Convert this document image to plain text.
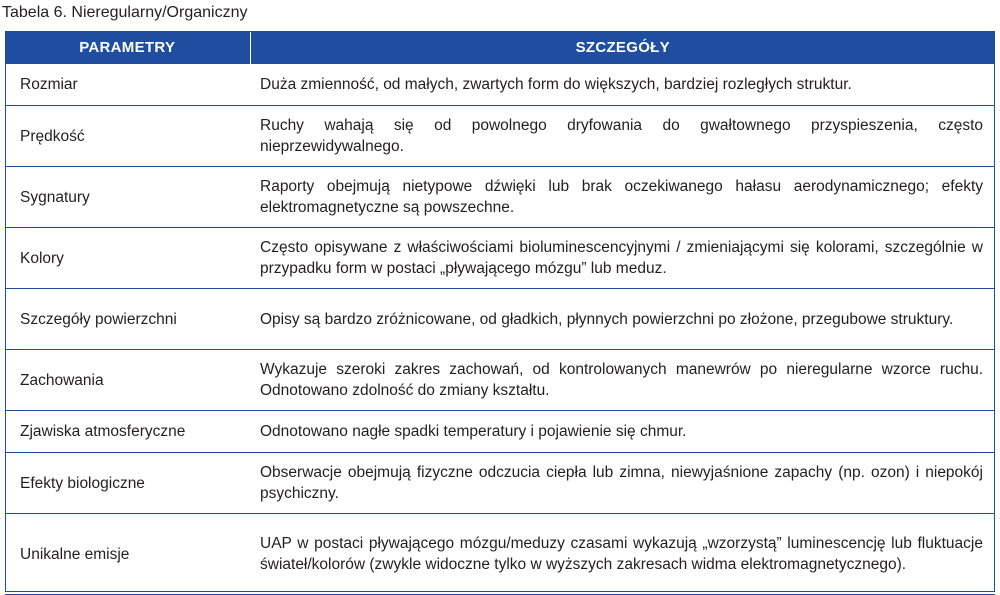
Tabela 6. Nieregularny/Organiczny
PARAMETRY	SZCZEGÓŁY
Rozmiar	Duża zmienność, od małych, zwartych form do większych, bardziej rozległych struktur.
Prędkość	Ruchy wahają się od powolnego dryfowania do gwałtownego przyspieszenia, często nieprzewidywalnego.
Sygnatury	Raporty obejmują nietypowe dźwięki lub brak oczekiwanego hałasu aerodynamicznego; efekty elektromagnetyczne są powszechne.
Kolory	Często opisywane z właściwościami bioluminescencyjnymi / zmieniającymi się kolorami, szczególnie w przypadku form w postaci „pływającego mózgu” lub meduz.
Szczegóły powierzchni	Opisy są bardzo zróżnicowane, od gładkich, płynnych powierzchni po złożone, przegubowe struktury.
Zachowania	Wykazuje szeroki zakres zachowań, od kontrolowanych manewrów po nieregularne wzorce ruchu. Odnotowano zdolność do zmiany kształtu.
Zjawiska atmosferyczne	Odnotowano nagłe spadki temperatury i pojawienie się chmur.
Efekty biologiczne	Obserwacje obejmują fizyczne odczucia ciepła lub zimna, niewyjaśnione zapachy (np. ozon) i niepokój psychiczny.
Unikalne emisje	UAP w postaci pływającego mózgu/meduzy czasami wykazują „wzorzystą” luminescencję lub fluktuacje świateł/kolorów (zwykle widoczne tylko w wyższych zakresach widma elektromagnetycznego).
